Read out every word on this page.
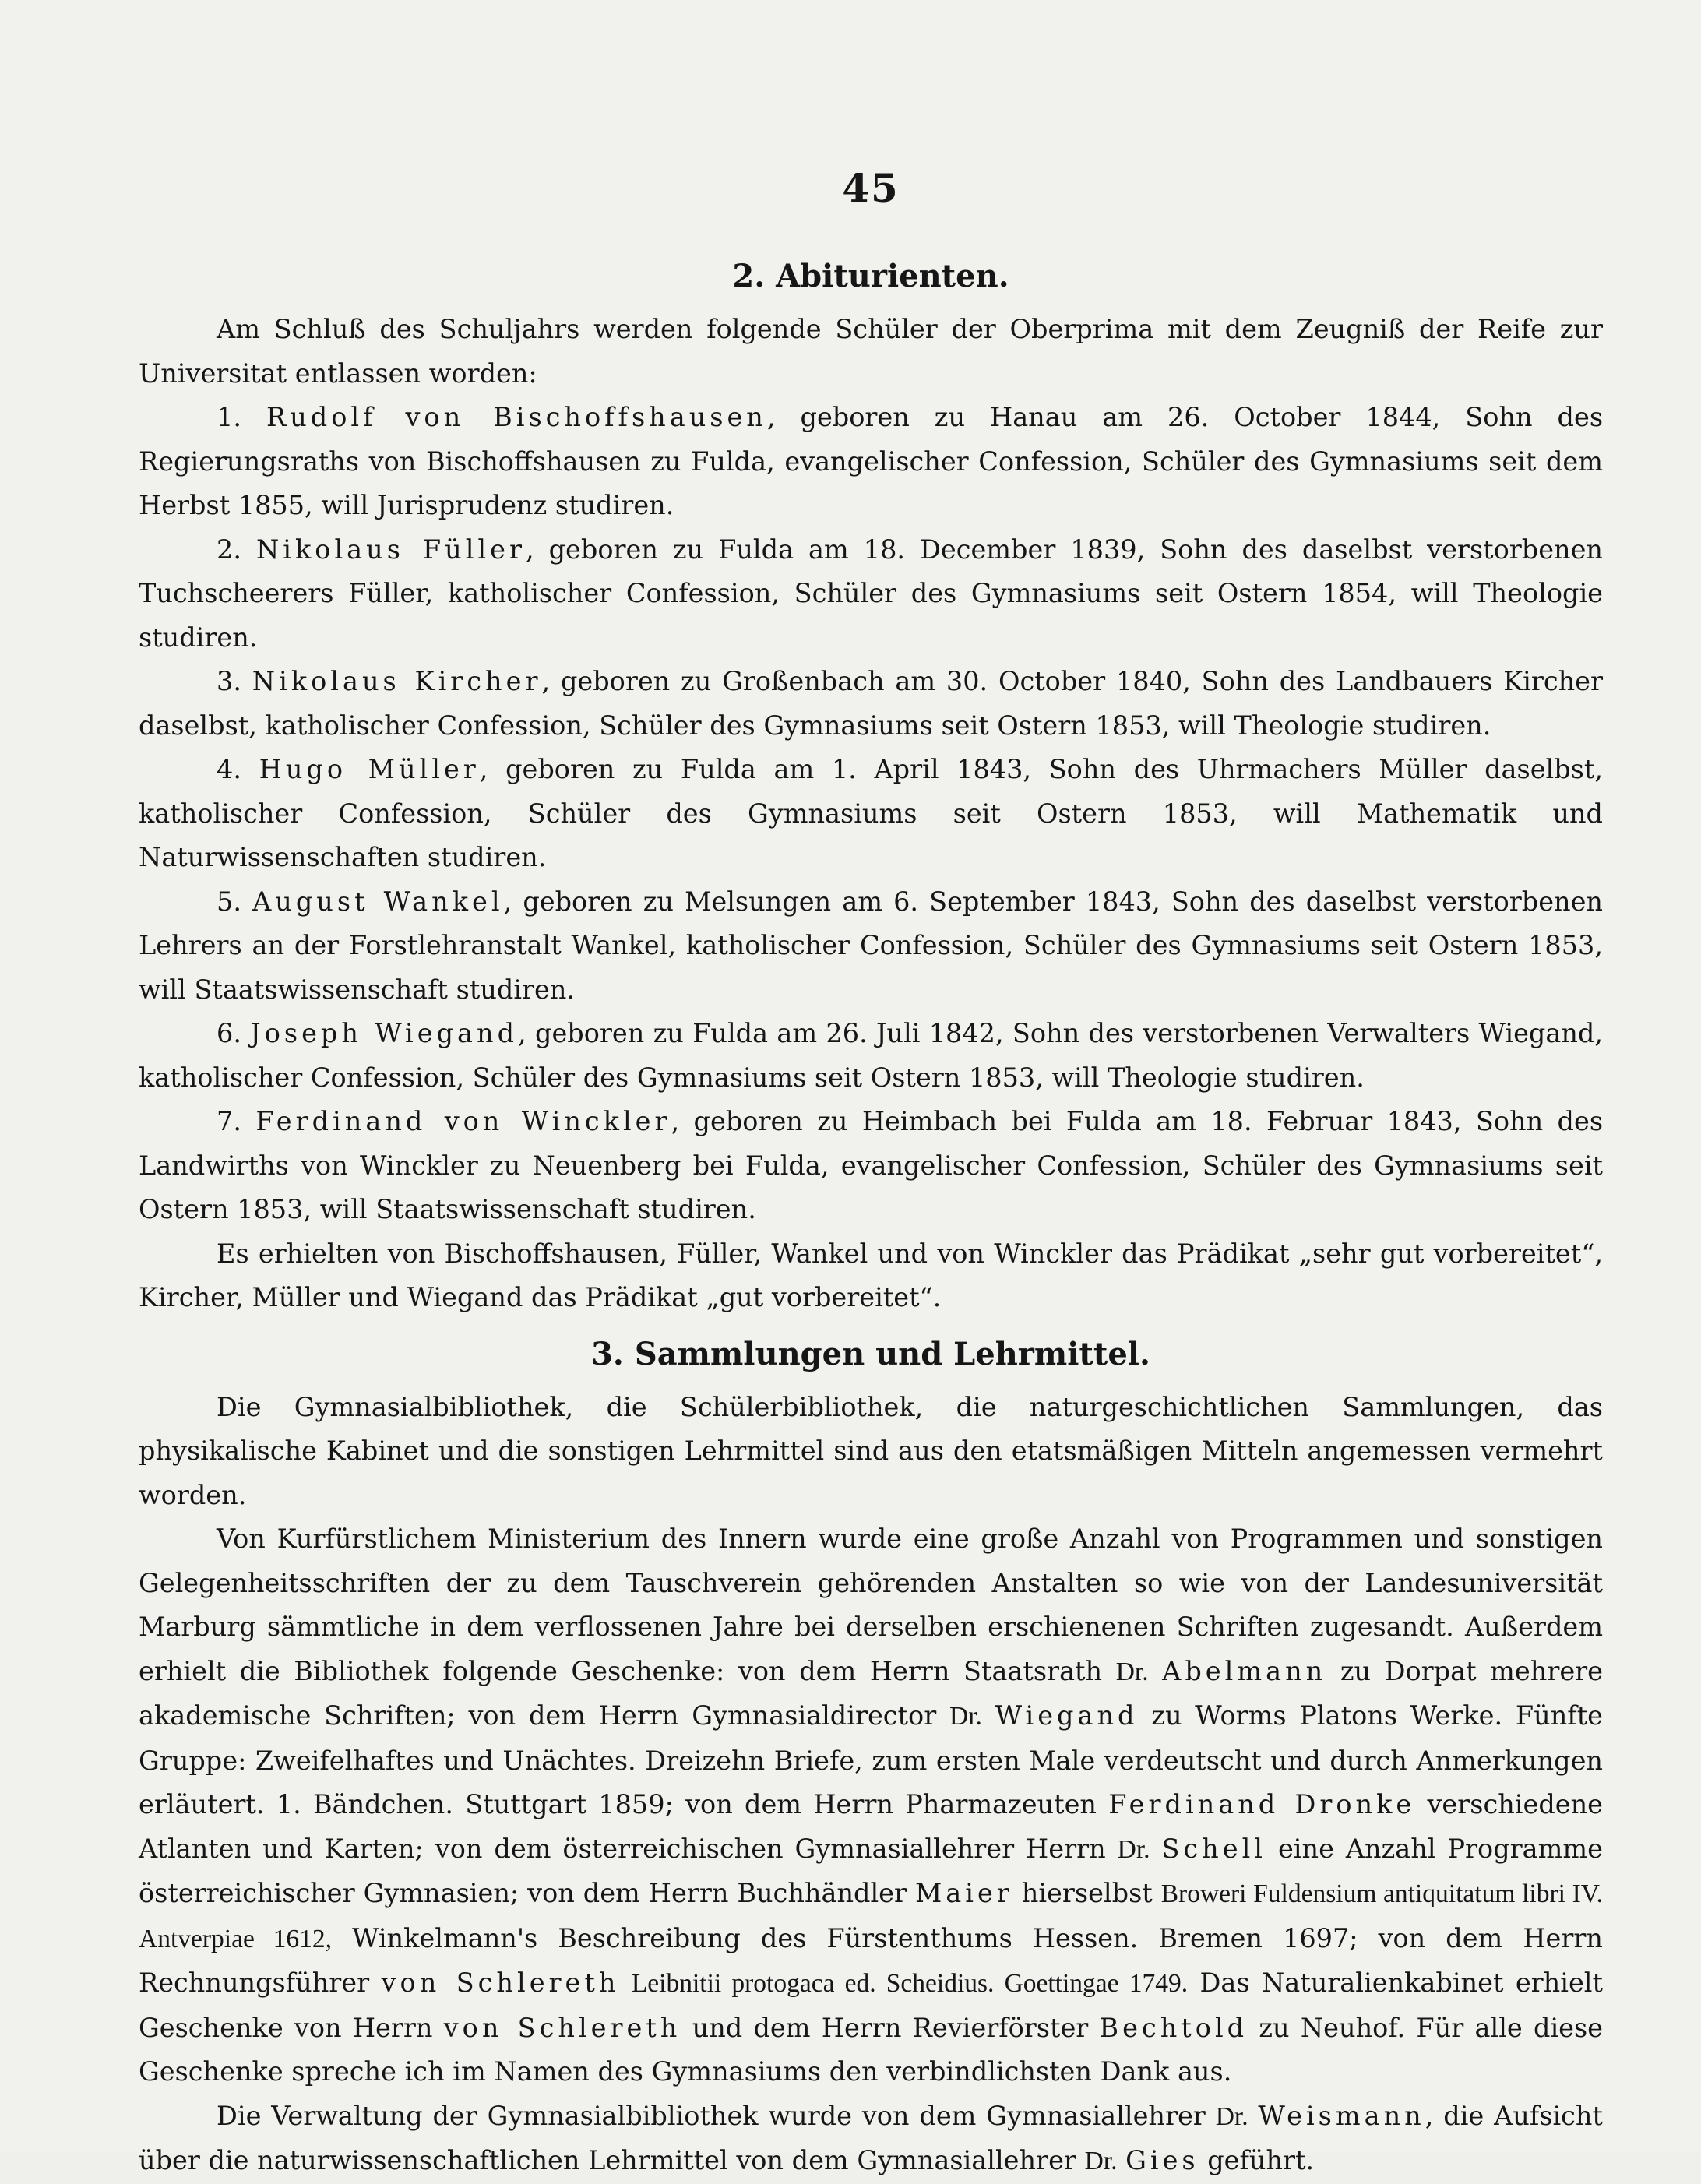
45
2. Abiturienten.

Am Schluß des Schuljahrs werden folgende Schüler der Oberprima mit dem Zeugniß der Reife zur Universitat entlassen worden:

1. Rudolf von Bischoffshausen, geboren zu Hanau am 26. October 1844, Sohn des Regierungsraths von Bischoffshausen zu Fulda, evangelischer Confession, Schüler des Gymnasiums seit dem Herbst 1855, will Jurisprudenz studiren.

2. Nikolaus Füller, geboren zu Fulda am 18. December 1839, Sohn des daselbst verstorbenen Tuchscheerers Füller, katholischer Confession, Schüler des Gymnasiums seit Ostern 1854, will Theologie studiren.

3. Nikolaus Kircher, geboren zu Großenbach am 30. October 1840, Sohn des Landbauers Kircher daselbst, katholischer Confession, Schüler des Gymnasiums seit Ostern 1853, will Theologie studiren.

4. Hugo Müller, geboren zu Fulda am 1. April 1843, Sohn des Uhrmachers Müller daselbst, katholischer Confession, Schüler des Gymnasiums seit Ostern 1853, will Mathematik und Naturwissenschaften studiren.

5. August Wankel, geboren zu Melsungen am 6. September 1843, Sohn des daselbst verstorbenen Lehrers an der Forstlehranstalt Wankel, katholischer Confession, Schüler des Gymnasiums seit Ostern 1853, will Staatswissenschaft studiren.

6. Joseph Wiegand, geboren zu Fulda am 26. Juli 1842, Sohn des verstorbenen Verwalters Wiegand, katholischer Confession, Schüler des Gymnasiums seit Ostern 1853, will Theologie studiren.

7. Ferdinand von Winckler, geboren zu Heimbach bei Fulda am 18. Februar 1843, Sohn des Landwirths von Winckler zu Neuenberg bei Fulda, evangelischer Confession, Schüler des Gymnasiums seit Ostern 1853, will Staatswissenschaft studiren.

Es erhielten von Bischoffshausen, Füller, Wankel und von Winckler das Prädikat „sehr gut vorbereitet“, Kircher, Müller und Wiegand das Prädikat „gut vorbereitet“.

3. Sammlungen und Lehrmittel.

Die Gymnasialbibliothek, die Schülerbibliothek, die naturgeschichtlichen Sammlungen, das physikalische Kabinet und die sonstigen Lehrmittel sind aus den etatsmäßigen Mitteln angemessen vermehrt worden.

Von Kurfürstlichem Ministerium des Innern wurde eine große Anzahl von Programmen und sonstigen Gelegenheitsschriften der zu dem Tauschverein gehörenden Anstalten so wie von der Landesuniversität Marburg sämmtliche in dem verflossenen Jahre bei derselben erschienenen Schriften zugesandt. Außerdem erhielt die Bibliothek folgende Geschenke: von dem Herrn Staatsrath Dr. Abelmann zu Dorpat mehrere akademische Schriften; von dem Herrn Gymnasialdirector Dr. Wiegand zu Worms Platons Werke. Fünfte Gruppe: Zweifelhaftes und Unächtes. Dreizehn Briefe, zum ersten Male verdeutscht und durch Anmerkungen erläutert. 1. Bändchen. Stuttgart 1859; von dem Herrn Pharmazeuten Ferdinand Dronke verschiedene Atlanten und Karten; von dem österreichischen Gymnasiallehrer Herrn Dr. Schell eine Anzahl Programme österreichischer Gymnasien; von dem Herrn Buchhändler Maier hierselbst Broweri Fuldensium antiquitatum libri IV. Antverpiae 1612, Winkelmann's Beschreibung des Fürstenthums Hessen. Bremen 1697; von dem Herrn Rechnungsführer von Schlereth Leibnitii protogaca ed. Scheidius. Goettingae 1749. Das Naturalienkabinet erhielt Geschenke von Herrn von Schlereth und dem Herrn Revierförster Bechtold zu Neuhof. Für alle diese Geschenke spreche ich im Namen des Gymnasiums den verbindlichsten Dank aus.

Die Verwaltung der Gymnasialbibliothek wurde von dem Gymnasiallehrer Dr. Weismann, die Aufsicht über die naturwissenschaftlichen Lehrmittel von dem Gymnasiallehrer Dr. Gies geführt.
